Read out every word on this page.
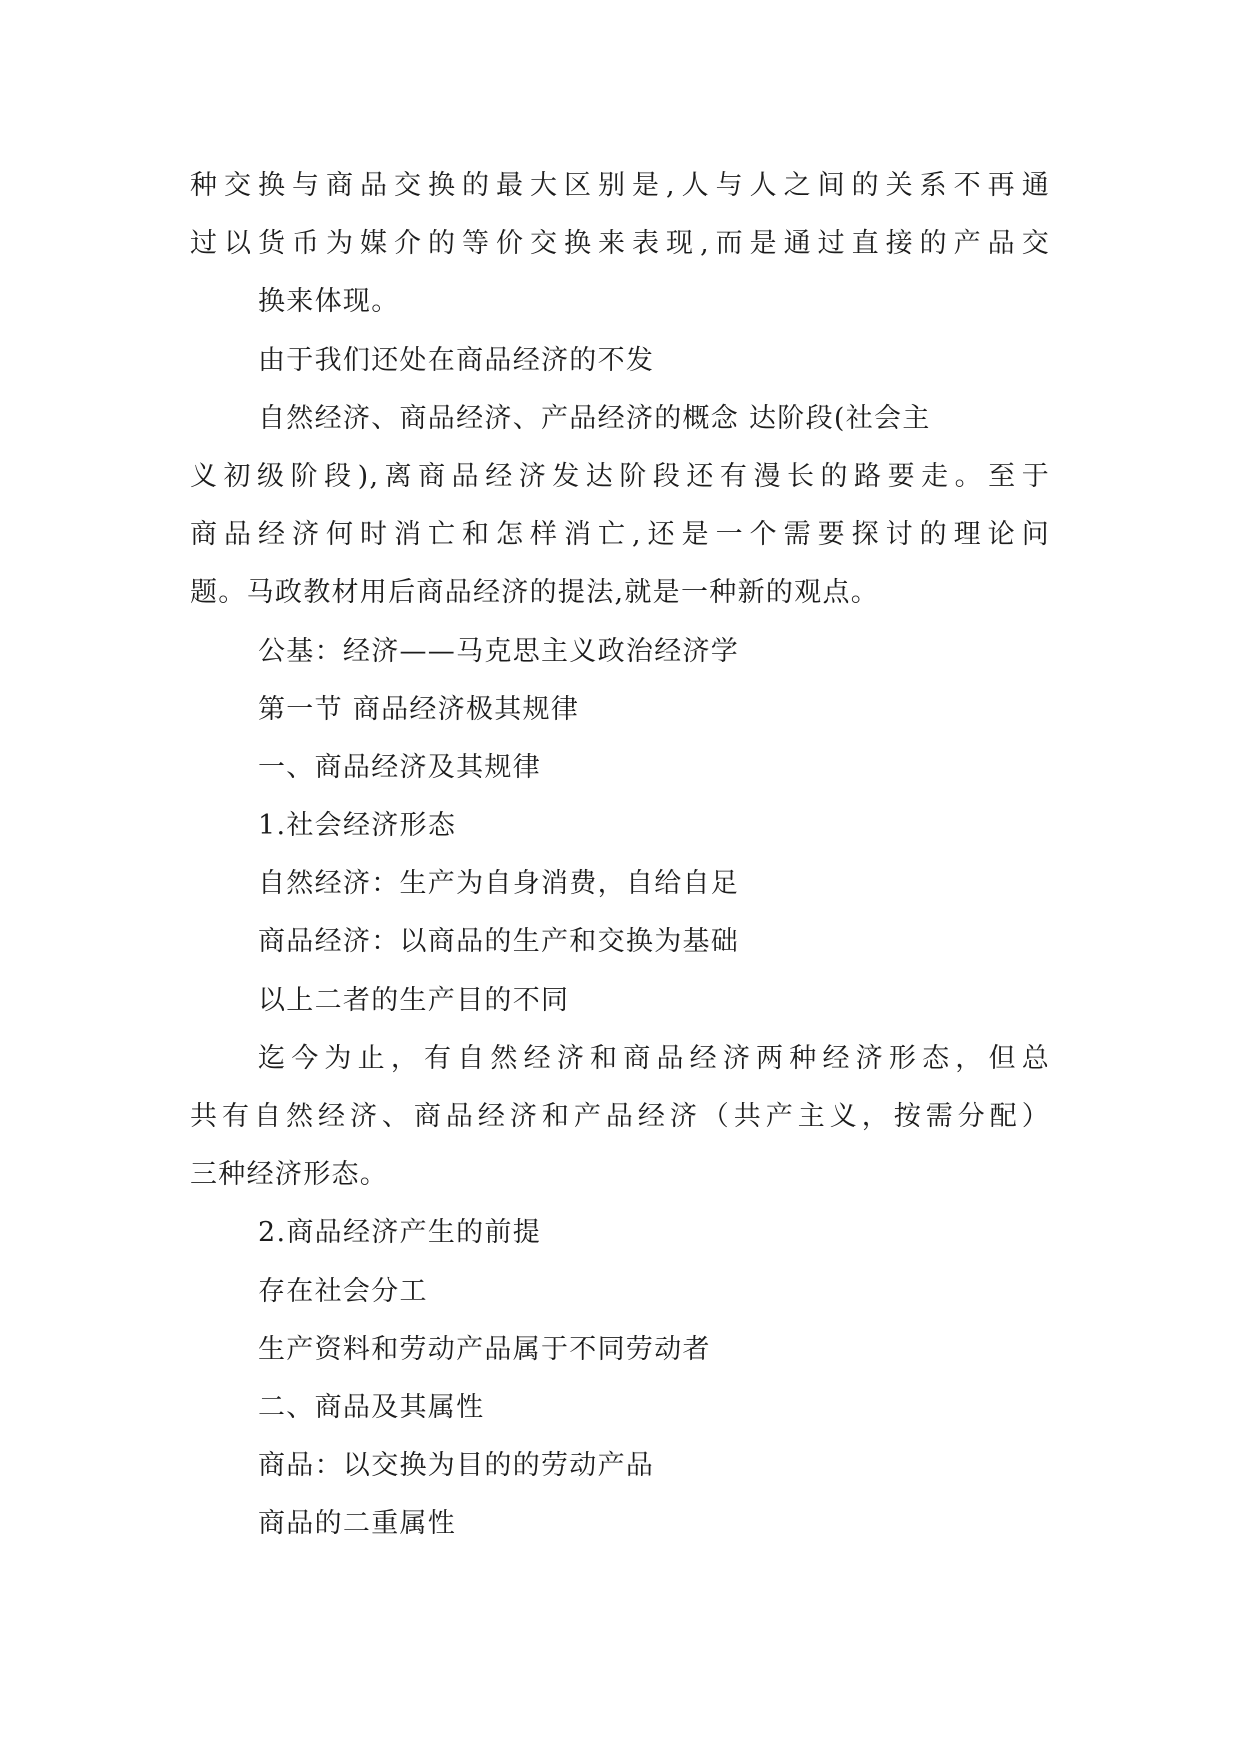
种交换与商品交换的最大区别是,人与人之间的关系不再通
过以货币为媒介的等价交换来表现,而是通过直接的产品交
换来体现。
由于我们还处在商品经济的不发
自然经济、商品经济、产品经济的概念 达阶段(社会主
义初级阶段),离商品经济发达阶段还有漫长的路要走。至于
商品经济何时消亡和怎样消亡,还是一个需要探讨的理论问
题。马政教材用后商品经济的提法,就是一种新的观点。
公基：经济——马克思主义政治经济学
第一节 商品经济极其规律
一、商品经济及其规律
1.社会经济形态
自然经济：生产为自身消费，自给自足
商品经济：以商品的生产和交换为基础
以上二者的生产目的不同
迄今为止，有自然经济和商品经济两种经济形态，但总
共有自然经济、商品经济和产品经济（共产主义，按需分配）
三种经济形态。
2.商品经济产生的前提
存在社会分工
生产资料和劳动产品属于不同劳动者
二、商品及其属性
商品：以交换为目的的劳动产品
商品的二重属性
